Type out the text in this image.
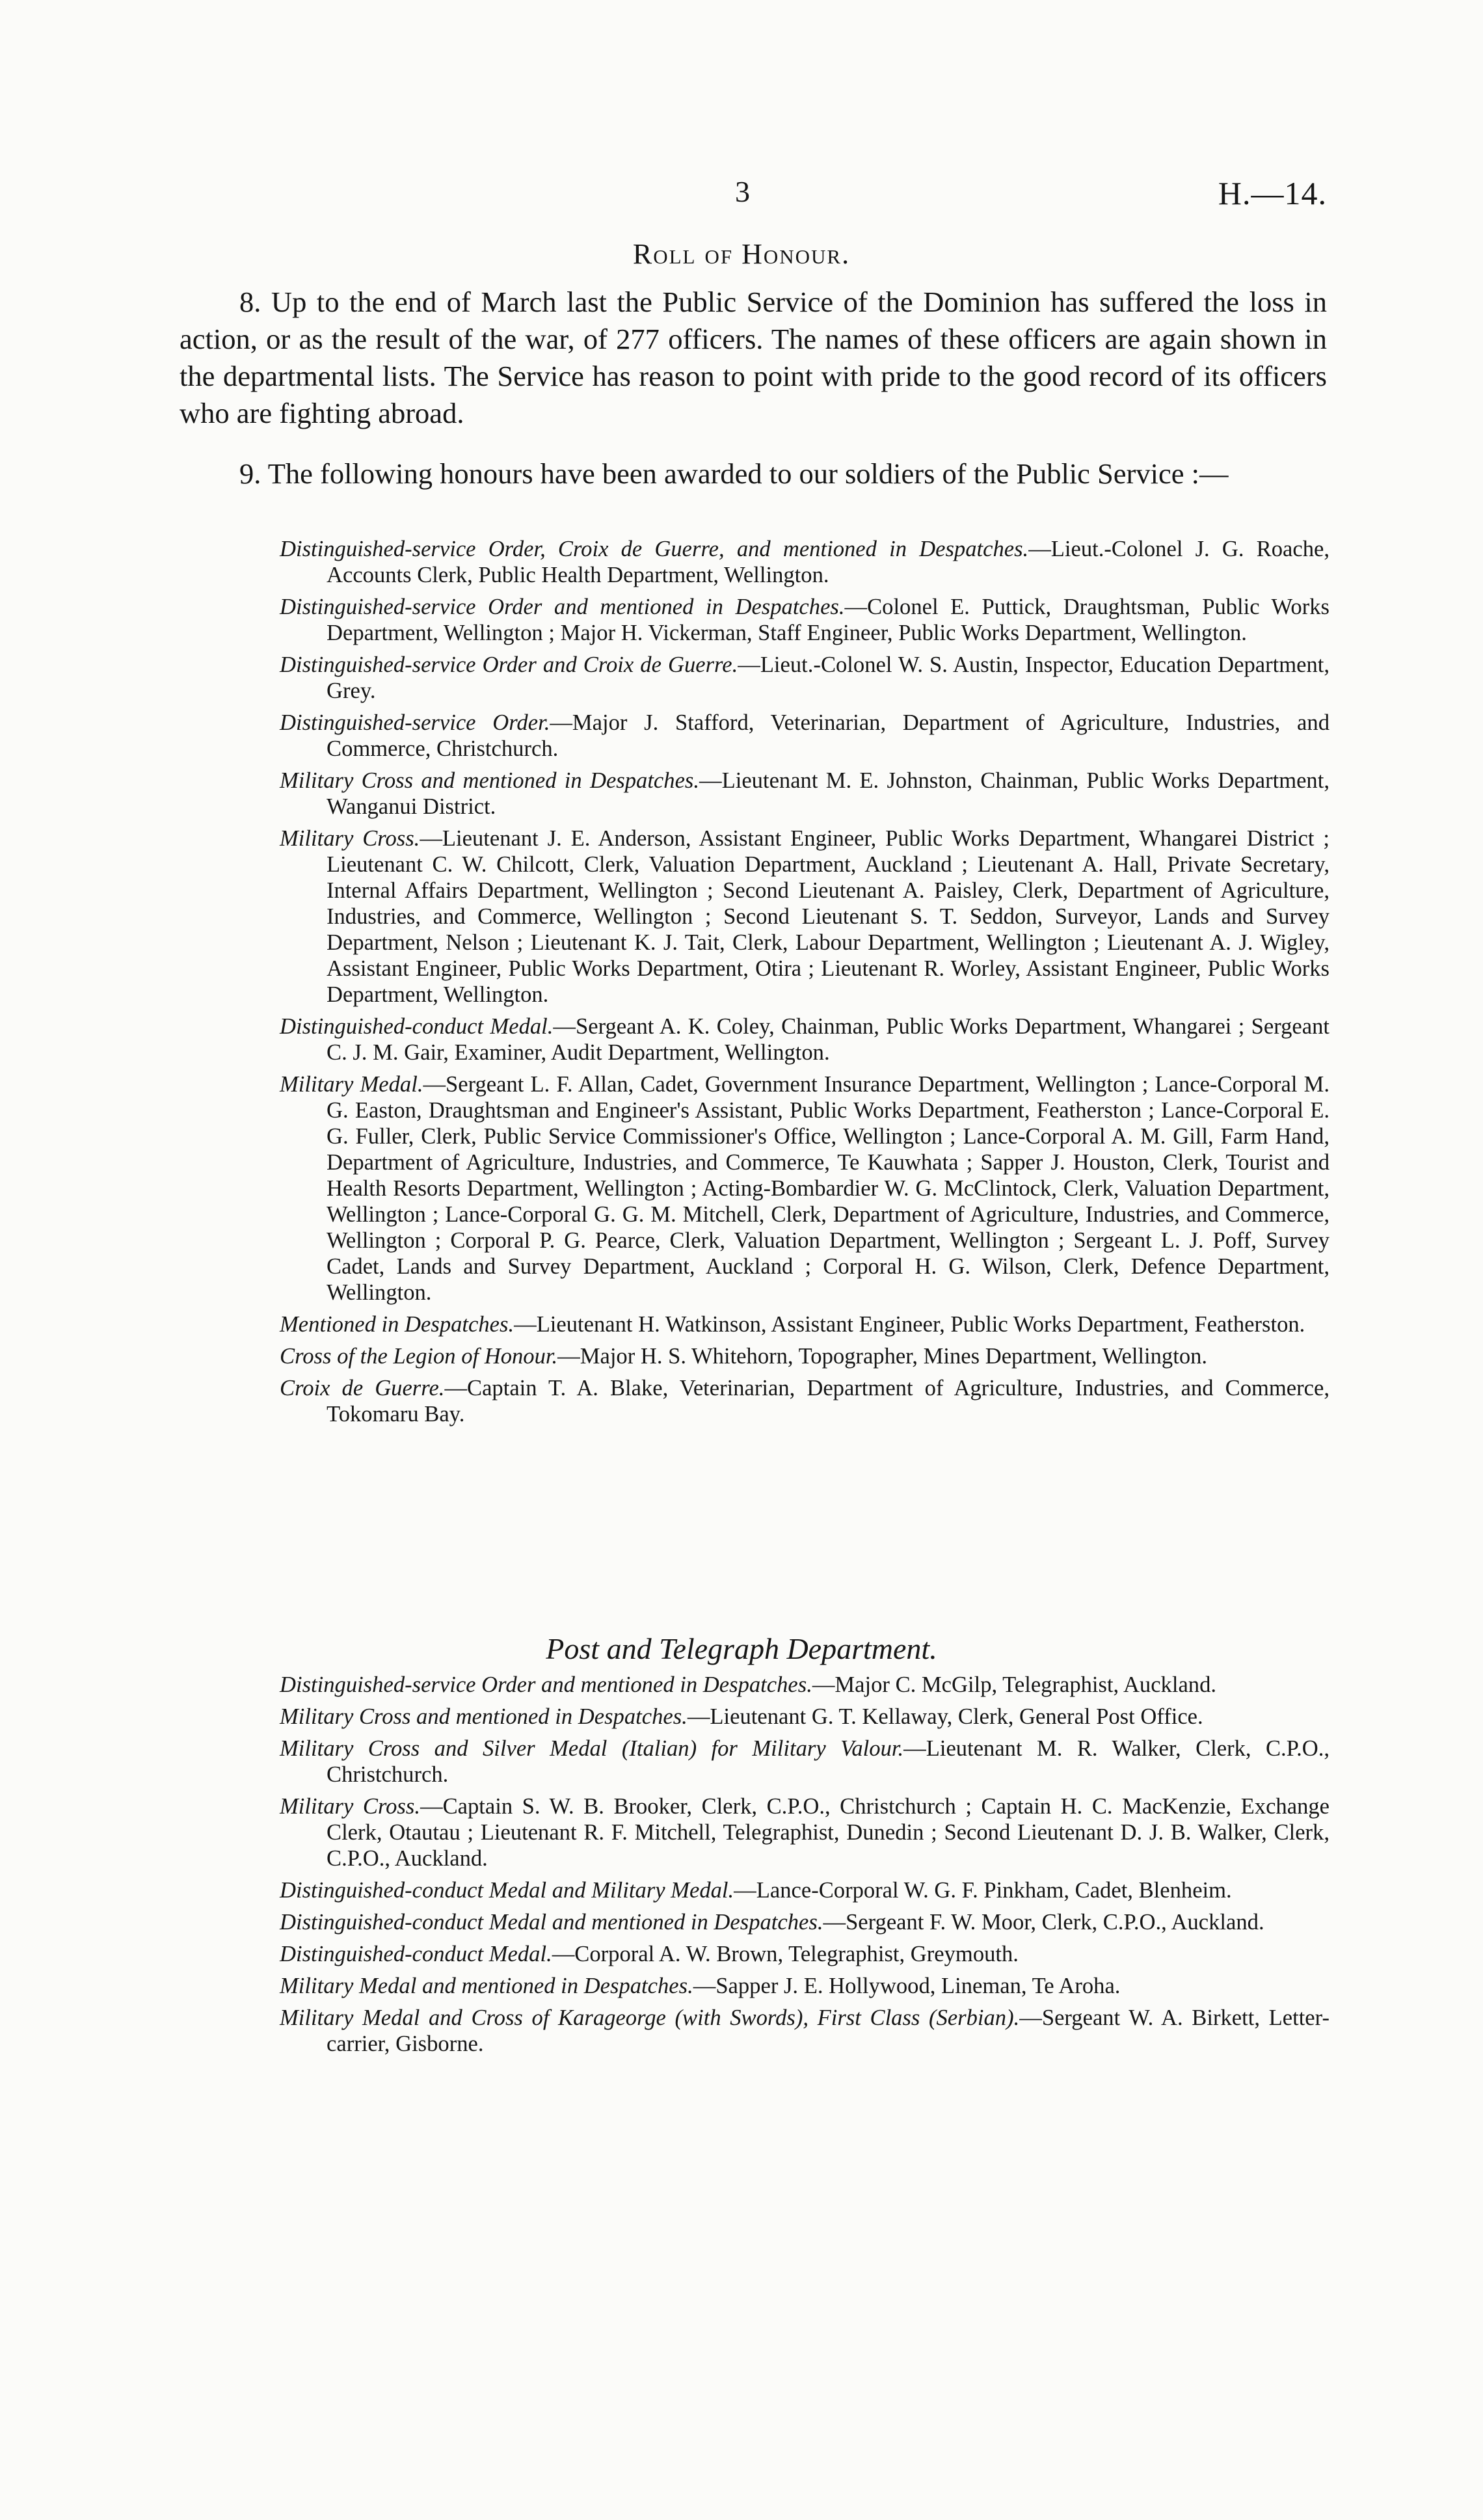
3	H.—14.
Roll of Honour.

8. Up to the end of March last the Public Service of the Dominion has suffered the loss in action, or as the result of the war, of 277 officers. The names of these officers are again shown in the departmental lists. The Service has reason to point with pride to the good record of its officers who are fighting abroad.

9. The following honours have been awarded to our soldiers of the Public Service :—

Distinguished-service Order, Croix de Guerre, and mentioned in Despatches.—Lieut.-Colonel J. G. Roache, Accounts Clerk, Public Health Department, Wellington.

Distinguished-service Order and mentioned in Despatches.—Colonel E. Puttick, Draughtsman, Public Works Department, Wellington ; Major H. Vickerman, Staff Engineer, Public Works Department, Wellington.

Distinguished-service Order and Croix de Guerre.—Lieut.-Colonel W. S. Austin, Inspector, Education Department, Grey.

Distinguished-service Order.—Major J. Stafford, Veterinarian, Department of Agriculture, Industries, and Commerce, Christchurch.

Military Cross and mentioned in Despatches.—Lieutenant M. E. Johnston, Chainman, Public Works Department, Wanganui District.

Military Cross.—Lieutenant J. E. Anderson, Assistant Engineer, Public Works Department, Whangarei District ; Lieutenant C. W. Chilcott, Clerk, Valuation Department, Auckland ; Lieutenant A. Hall, Private Secretary, Internal Affairs Department, Wellington ; Second Lieutenant A. Paisley, Clerk, Department of Agriculture, Industries, and Commerce, Wellington ; Second Lieutenant S. T. Seddon, Surveyor, Lands and Survey Department, Nelson ; Lieutenant K. J. Tait, Clerk, Labour Department, Wellington ; Lieutenant A. J. Wigley, Assistant Engineer, Public Works Department, Otira ; Lieutenant R. Worley, Assistant Engineer, Public Works Department, Wellington.

Distinguished-conduct Medal.—Sergeant A. K. Coley, Chainman, Public Works Department, Whangarei ; Sergeant C. J. M. Gair, Examiner, Audit Department, Wellington.

Military Medal.—Sergeant L. F. Allan, Cadet, Government Insurance Department, Wellington ; Lance-Corporal M. G. Easton, Draughtsman and Engineer's Assistant, Public Works Department, Featherston ; Lance-Corporal E. G. Fuller, Clerk, Public Service Commissioner's Office, Wellington ; Lance-Corporal A. M. Gill, Farm Hand, Department of Agriculture, Industries, and Commerce, Te Kauwhata ; Sapper J. Houston, Clerk, Tourist and Health Resorts Department, Wellington ; Acting-Bombardier W. G. McClintock, Clerk, Valuation Department, Wellington ; Lance-Corporal G. G. M. Mitchell, Clerk, Department of Agriculture, Industries, and Commerce, Wellington ; Corporal P. G. Pearce, Clerk, Valuation Department, Wellington ; Sergeant L. J. Poff, Survey Cadet, Lands and Survey Department, Auckland ; Corporal H. G. Wilson, Clerk, Defence Department, Wellington.

Mentioned in Despatches.—Lieutenant H. Watkinson, Assistant Engineer, Public Works Department, Featherston.

Cross of the Legion of Honour.—Major H. S. Whitehorn, Topographer, Mines Department, Wellington.

Croix de Guerre.—Captain T. A. Blake, Veterinarian, Department of Agriculture, Industries, and Commerce, Tokomaru Bay.

Post and Telegraph Department.

Distinguished-service Order and mentioned in Despatches.—Major C. McGilp, Telegraphist, Auckland.

Military Cross and mentioned in Despatches.—Lieutenant G. T. Kellaway, Clerk, General Post Office.

Military Cross and Silver Medal (Italian) for Military Valour.—Lieutenant M. R. Walker, Clerk, C.P.O., Christchurch.

Military Cross.—Captain S. W. B. Brooker, Clerk, C.P.O., Christchurch ; Captain H. C. MacKenzie, Exchange Clerk, Otautau ; Lieutenant R. F. Mitchell, Telegraphist, Dunedin ; Second Lieutenant D. J. B. Walker, Clerk, C.P.O., Auckland.

Distinguished-conduct Medal and Military Medal.—Lance-Corporal W. G. F. Pinkham, Cadet, Blenheim.

Distinguished-conduct Medal and mentioned in Despatches.—Sergeant F. W. Moor, Clerk, C.P.O., Auckland.

Distinguished-conduct Medal.—Corporal A. W. Brown, Telegraphist, Greymouth.

Military Medal and mentioned in Despatches.—Sapper J. E. Hollywood, Lineman, Te Aroha.

Military Medal and Cross of Karageorge (with Swords), First Class (Serbian).—Sergeant W. A. Birkett, Letter-carrier, Gisborne.
